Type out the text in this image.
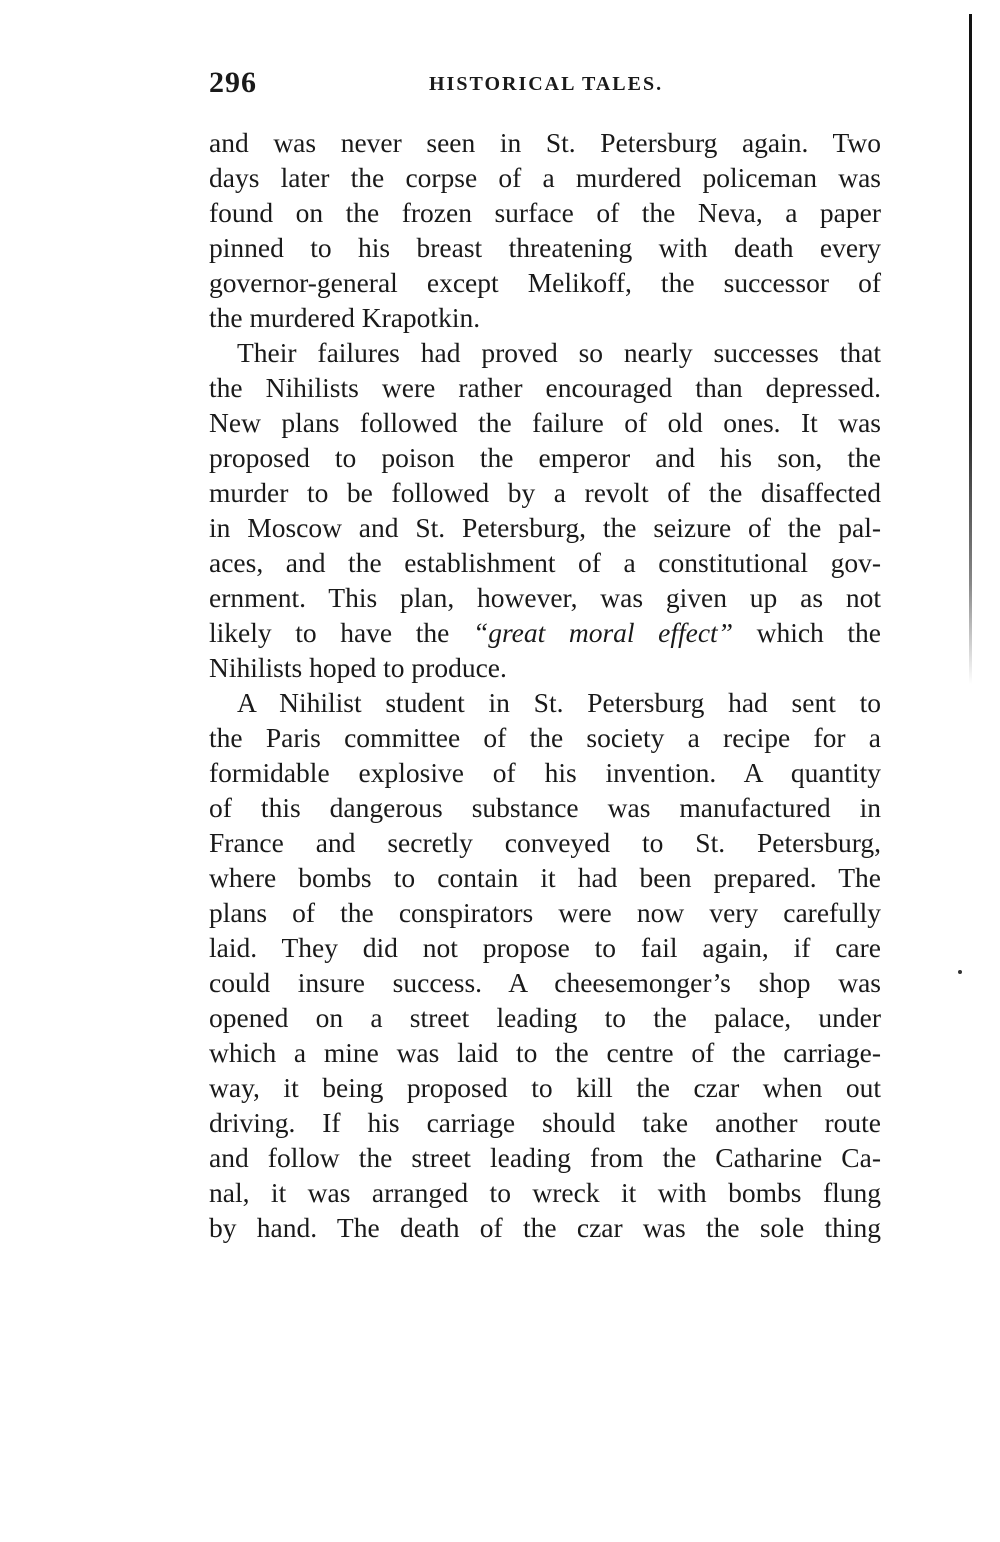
296	HISTORICAL TALES.
and was never seen in St. Petersburg again. Two
days later the corpse of a murdered policeman was
found on the frozen surface of the Neva, a paper
pinned to his breast threatening with death every
governor-general except Melikoff, the successor of
the murdered Krapotkin.
Their failures had proved so nearly successes that
the Nihilists were rather encouraged than depressed.
New plans followed the failure of old ones. It was
proposed to poison the emperor and his son, the
murder to be followed by a revolt of the disaffected
in Moscow and St. Petersburg, the seizure of the pal-
aces, and the establishment of a constitutional gov-
ernment. This plan, however, was given up as not
likely to have the “great moral effect” which the
Nihilists hoped to produce.
A Nihilist student in St. Petersburg had sent to
the Paris committee of the society a recipe for a
formidable explosive of his invention. A quantity
of this dangerous substance was manufactured in
France and secretly conveyed to St. Petersburg,
where bombs to contain it had been prepared. The
plans of the conspirators were now very carefully
laid. They did not propose to fail again, if care
could insure success. A cheesemonger’s shop was
opened on a street leading to the palace, under
which a mine was laid to the centre of the carriage-
way, it being proposed to kill the czar when out
driving. If his carriage should take another route
and follow the street leading from the Catharine Ca-
nal, it was arranged to wreck it with bombs flung
by hand. The death of the czar was the sole thing
